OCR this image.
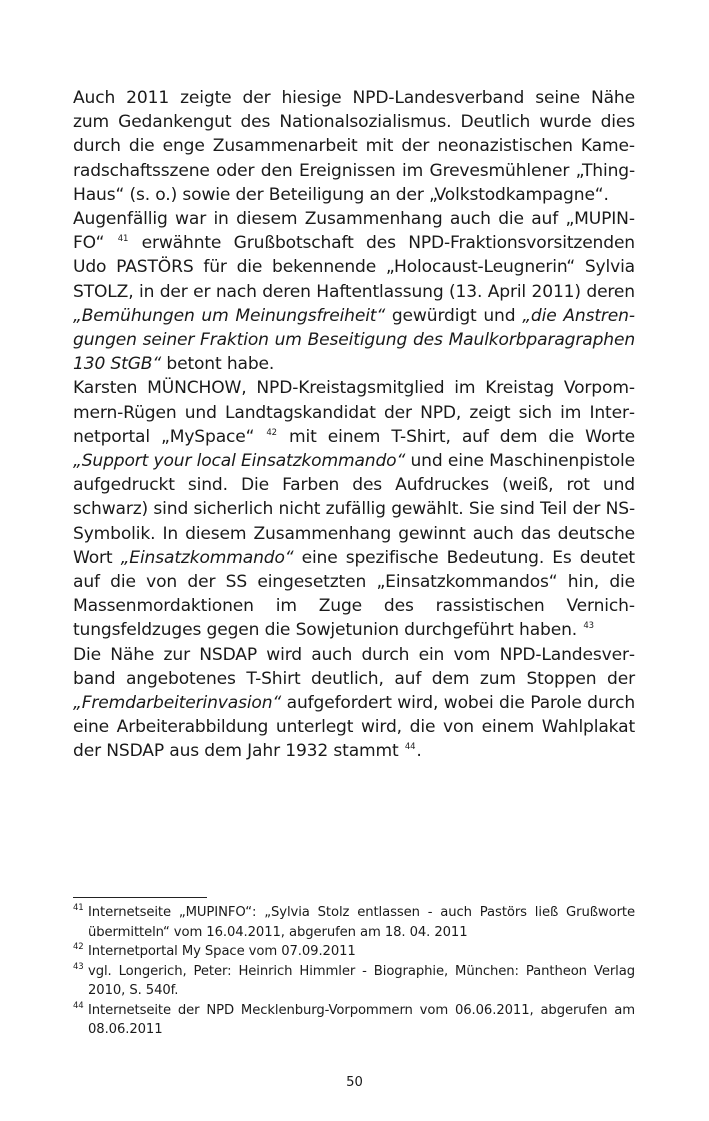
Auch 2011 zeigte der hiesige NPD-Landesverband seine Nähe zum Gedankengut des Nationalsozialismus. Deutlich wurde dies durch die enge Zusammenarbeit mit der neonazistischen Kameradschaftsszene oder den Ereignissen im Grevesmühlener „Thing-Haus“ (s. o.) sowie der Beteiligung an der „Volkstodkampagne“.

Augenfällig war in diesem Zusammenhang auch die auf „MUPINFO“ $^{41}$ erwähnte Grußbotschaft des NPD-Fraktionsvorsitzenden Udo PASTÖRS für die bekennende „Holocaust-Leugnerin“ Sylvia STOLZ, in der er nach deren Haftentlassung (13. April 2011) deren „Bemühungen um Meinungsfreiheit“ gewürdigt und „die Anstrengungen seiner Fraktion um Beseitigung des Maulkorbparagraphen 130 StGB“ betont habe.

Karsten MÜNCHOW, NPD-Kreistagsmitglied im Kreistag Vorpommern-Rügen und Landtagskandidat der NPD, zeigt sich im Internetportal „MySpace“ $^{42}$ mit einem T-Shirt, auf dem die Worte „Support your local Einsatzkommando“ und eine Maschinenpistole aufgedruckt sind. Die Farben des Aufdruckes (weiß, rot und schwarz) sind sicherlich nicht zufällig gewählt. Sie sind Teil der NS-Symbolik. In diesem Zusammenhang gewinnt auch das deutsche Wort „Einsatzkommando“ eine spezifische Bedeutung. Es deutet auf die von der SS eingesetzten „Einsatzkommandos“ hin, die Massenmordaktionen im Zuge des rassistischen Vernichtungsfeldzuges gegen die Sowjetunion durchgeführt haben. $^{43}$

Die Nähe zur NSDAP wird auch durch ein vom NPD-Landesverband angebotenes T-Shirt deutlich, auf dem zum Stoppen der „Fremdarbeiterinvasion“ aufgefordert wird, wobei die Parole durch eine Arbeiterabbildung unterlegt wird, die von einem Wahlplakat der NSDAP aus dem Jahr 1932 stammt $^{44}$.

41 Internetseite „MUPINFO“: „Sylvia Stolz entlassen - auch Pastörs ließ Grußworte übermitteln“ vom 16.04.2011, abgerufen am 18. 04. 2011
42 Internetportal My Space vom 07.09.2011
43 vgl. Longerich, Peter: Heinrich Himmler - Biographie, München: Pantheon Verlag 2010, S. 540f.
44 Internetseite der NPD Mecklenburg-Vorpommern vom 06.06.2011, abgerufen am 08.06.2011
50
